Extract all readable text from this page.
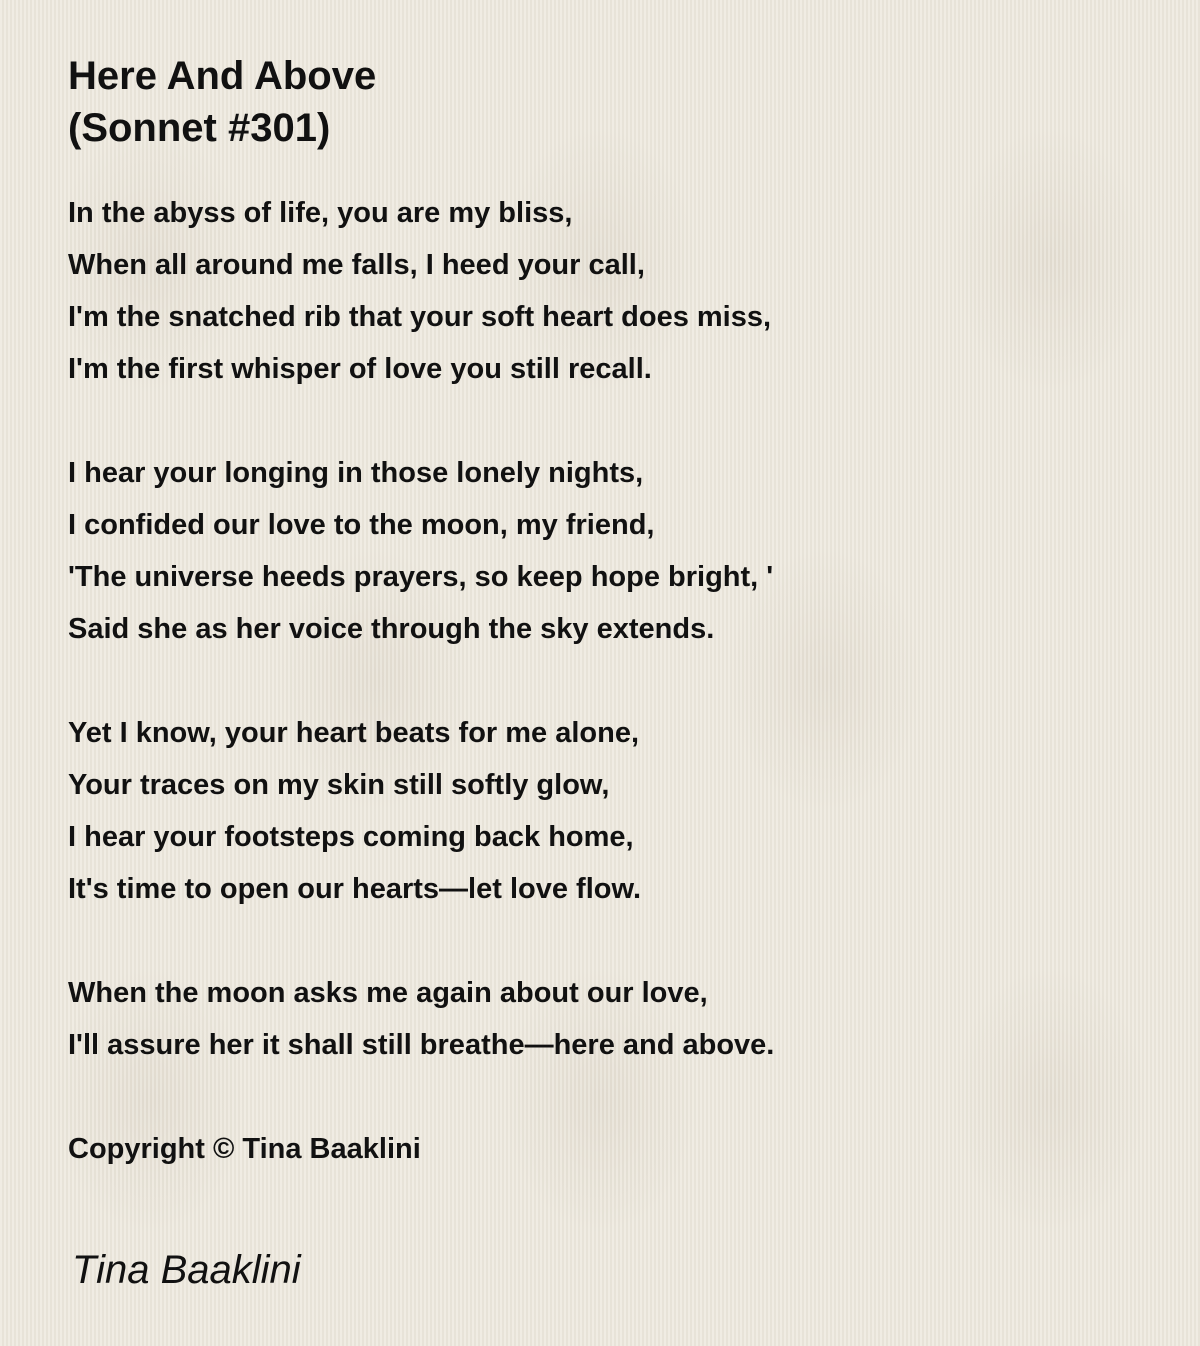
Here And Above
(Sonnet #301)
In the abyss of life, you are my bliss,
When all around me falls, I heed your call,
I'm the snatched rib that your soft heart does miss,
I'm the first whisper of love you still recall.
I hear your longing in those lonely nights,
I confided our love to the moon, my friend,
'The universe heeds prayers, so keep hope bright, '
Said she as her voice through the sky extends.
Yet I know, your heart beats for me alone,
Your traces on my skin still softly glow,
I hear your footsteps coming back home,
It's time to open our hearts—let love flow.
When the moon asks me again about our love,
I'll assure her it shall still breathe—here and above.
Copyright © Tina Baaklini
Tina Baaklini
